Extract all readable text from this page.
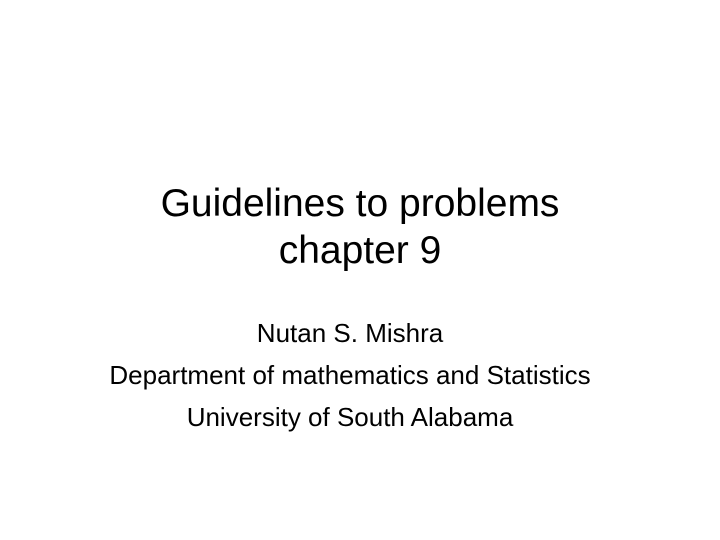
Guidelines to problems
chapter 9
Nutan S. Mishra
Department of mathematics and Statistics
University of South Alabama
